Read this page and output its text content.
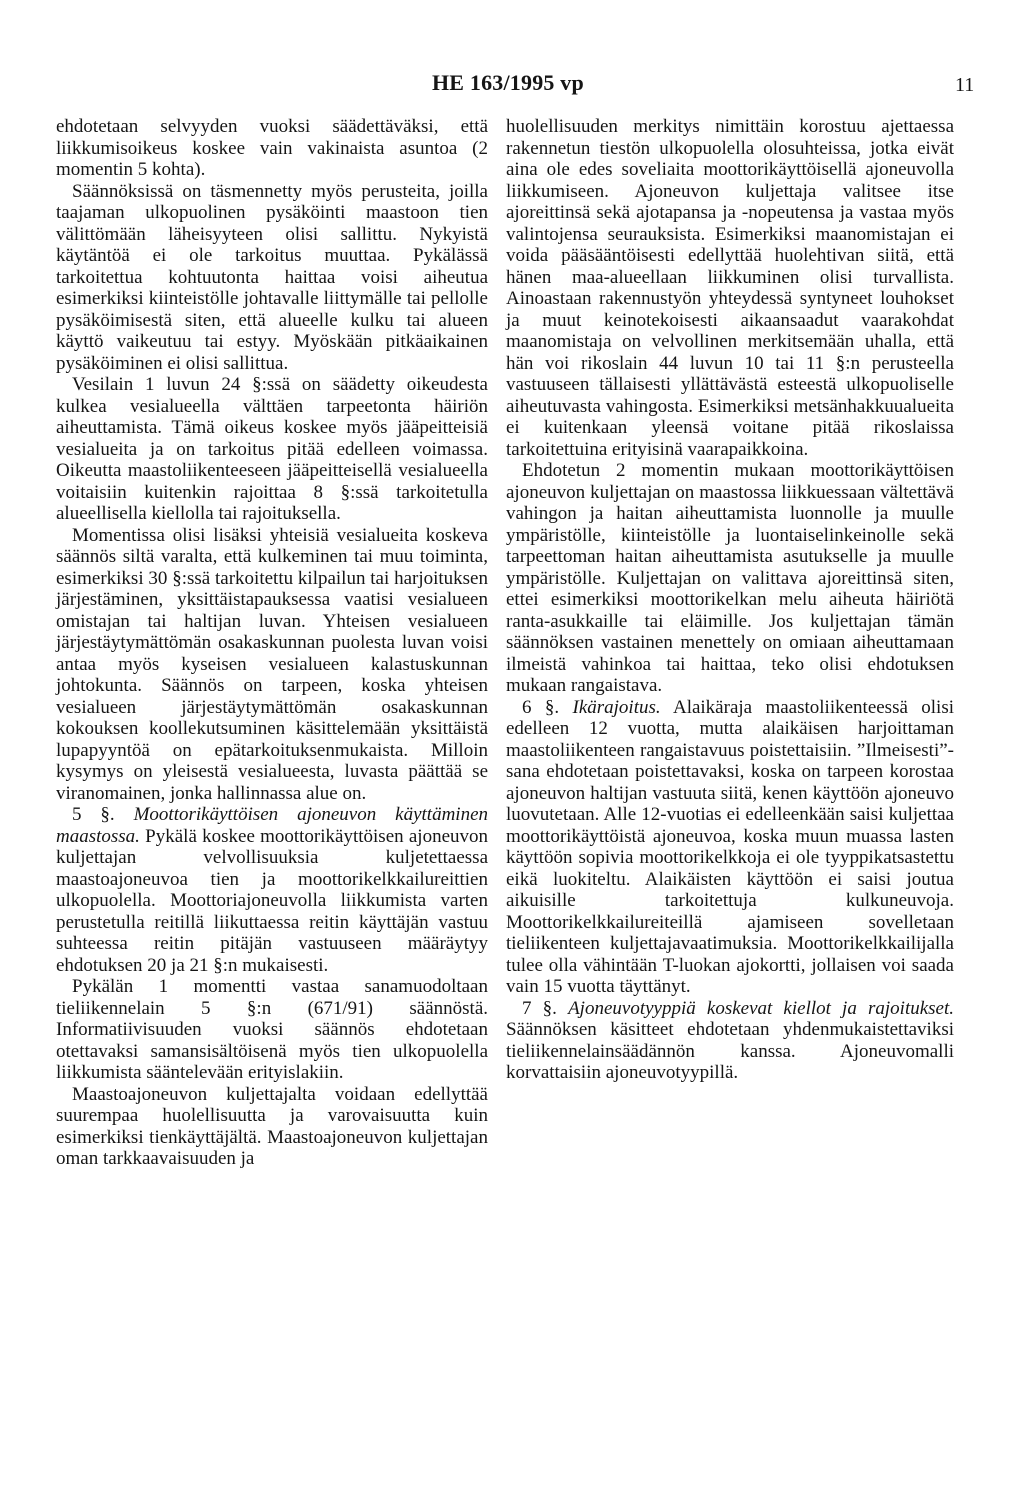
HE 163/1995 vp	11

ehdotetaan selvyyden vuoksi säädettäväksi, että liikkumisoikeus koskee vain vakinaista asuntoa (2 momentin 5 kohta).

Säännöksissä on täsmennetty myös perusteita, joilla taajaman ulkopuolinen pysäköinti maastoon tien välittömään läheisyyteen olisi sallittu. Nykyistä käytäntöä ei ole tarkoitus muuttaa. Pykälässä tarkoitettua kohtuutonta haittaa voisi aiheutua esimerkiksi kiinteistölle johtavalle liittymälle tai pellolle pysäköimisestä siten, että alueelle kulku tai alueen käyttö vaikeutuu tai estyy. Myöskään pitkäaikainen pysäköiminen ei olisi sallittua.

Vesilain 1 luvun 24 §:ssä on säädetty oikeudesta kulkea vesialueella välttäen tarpeetonta häiriön aiheuttamista. Tämä oikeus koskee myös jääpeitteisiä vesialueita ja on tarkoitus pitää edelleen voimassa. Oikeutta maastoliikenteeseen jääpeitteisellä vesialueella voitaisiin kuitenkin rajoittaa 8 §:ssä tarkoitetulla alueellisella kiellolla tai rajoituksella.

Momentissa olisi lisäksi yhteisiä vesialueita koskeva säännös siltä varalta, että kulkeminen tai muu toiminta, esimerkiksi 30 §:ssä tarkoitettu kilpailun tai harjoituksen järjestäminen, yksittäistapauksessa vaatisi vesialueen omistajan tai haltijan luvan. Yhteisen vesialueen järjestäytymättömän osakaskunnan puolesta luvan voisi antaa myös kyseisen vesialueen kalastuskunnan johtokunta. Säännös on tarpeen, koska yhteisen vesialueen järjestäytymättömän osakaskunnan kokouksen koollekutsuminen käsittelemään yksittäistä lupapyyntöä on epätarkoituksenmukaista. Milloin kysymys on yleisestä vesialueesta, luvasta päättää se viranomainen, jonka hallinnassa alue on.

5 §. Moottorikäyttöisen ajoneuvon käyttäminen maastossa. Pykälä koskee moottorikäyttöisen ajoneuvon kuljettajan velvollisuuksia kuljetettaessa maastoajoneuvoa tien ja moottorikelkkailureittien ulkopuolella. Moottoriajoneuvolla liikkumista varten perustetulla reitillä liikuttaessa reitin käyttäjän vastuu suhteessa reitin pitäjän vastuuseen määräytyy ehdotuksen 20 ja 21 §:n mukaisesti.

Pykälän 1 momentti vastaa sanamuodoltaan tieliikennelain 5 §:n (671/91) säännöstä. Informatiivisuuden vuoksi säännös ehdotetaan otettavaksi samansisältöisenä myös tien ulkopuolella liikkumista sääntelevään erityislakiin.

Maastoajoneuvon kuljettajalta voidaan edellyttää suurempaa huolellisuutta ja varovaisuutta kuin esimerkiksi tienkäyttäjältä. Maastoajoneuvon kuljettajan oman tarkkaavaisuuden ja

huolellisuuden merkitys nimittäin korostuu ajettaessa rakennetun tiestön ulkopuolella olosuhteissa, jotka eivät aina ole edes soveliaita moottorikäyttöisellä ajoneuvolla liikkumiseen. Ajoneuvon kuljettaja valitsee itse ajoreittinsä sekä ajotapansa ja -nopeutensa ja vastaa myös valintojensa seurauksista. Esimerkiksi maanomistajan ei voida pääsääntöisesti edellyttää huolehtivan siitä, että hänen maa-alueellaan liikkuminen olisi turvallista. Ainoastaan rakennustyön yhteydessä syntyneet louhokset ja muut keinotekoisesti aikaansaadut vaarakohdat maanomistaja on velvollinen merkitsemään uhalla, että hän voi rikoslain 44 luvun 10 tai 11 §:n perusteella vastuuseen tällaisesti yllättävästä esteestä ulkopuoliselle aiheutuvasta vahingosta. Esimerkiksi metsänhakkuualueita ei kuitenkaan yleensä voitane pitää rikoslaissa tarkoitettuina erityisinä vaarapaikkoina.

Ehdotetun 2 momentin mukaan moottorikäyttöisen ajoneuvon kuljettajan on maastossa liikkuessaan vältettävä vahingon ja haitan aiheuttamista luonnolle ja muulle ympäristölle, kiinteistölle ja luontaiselinkeinolle sekä tarpeettoman haitan aiheuttamista asutukselle ja muulle ympäristölle. Kuljettajan on valittava ajoreittinsä siten, ettei esimerkiksi moottorikelkan melu aiheuta häiriötä ranta-asukkaille tai eläimille. Jos kuljettajan tämän säännöksen vastainen menettely on omiaan aiheuttamaan ilmeistä vahinkoa tai haittaa, teko olisi ehdotuksen mukaan rangaistava.

6 §. Ikärajoitus. Alaikäraja maastoliikenteessä olisi edelleen 12 vuotta, mutta alaikäisen harjoittaman maastoliikenteen rangaistavuus poistettaisiin. ”Ilmeisesti”-sana ehdotetaan poistettavaksi, koska on tarpeen korostaa ajoneuvon haltijan vastuuta siitä, kenen käyttöön ajoneuvo luovutetaan. Alle 12-vuotias ei edelleenkään saisi kuljettaa moottorikäyttöistä ajoneuvoa, koska muun muassa lasten käyttöön sopivia moottorikelkkoja ei ole tyyppikatsastettu eikä luokiteltu. Alaikäisten käyttöön ei saisi joutua aikuisille tarkoitettuja kulkuneuvoja. Moottorikelkkailureiteillä ajamiseen sovelletaan tieliikenteen kuljettajavaatimuksia. Moottorikelkkailijalla tulee olla vähintään T-luokan ajokortti, jollaisen voi saada vain 15 vuotta täyttänyt.

7 §. Ajoneuvotyyppiä koskevat kiellot ja rajoitukset. Säännöksen käsitteet ehdotetaan yhdenmukaistettaviksi tieliikennelainsäädännön kanssa. Ajoneuvomalli korvattaisiin ajoneuvotyypillä.
